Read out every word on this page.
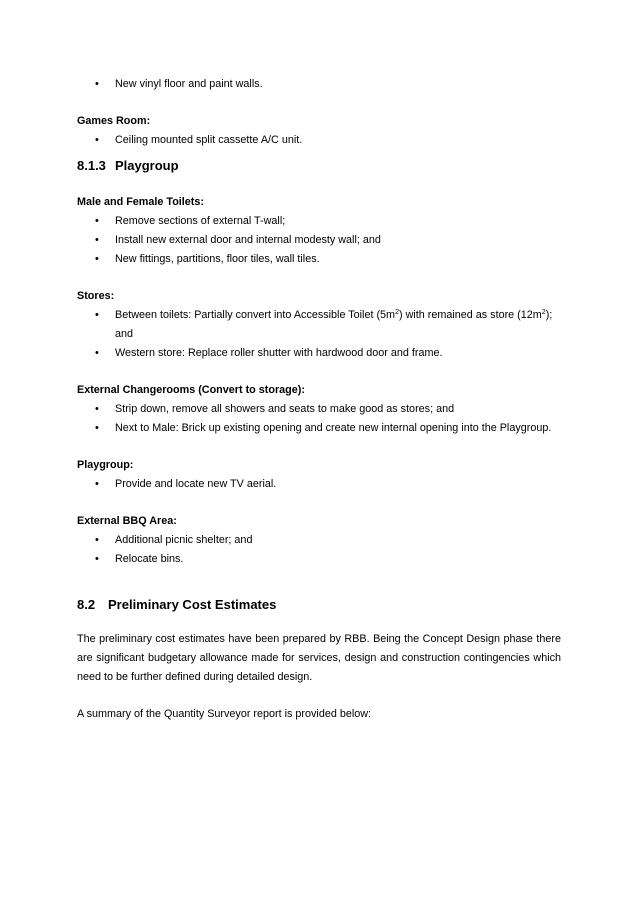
• New vinyl floor and paint walls.
Games Room:
• Ceiling mounted split cassette A/C unit.
8.1.3 Playgroup
Male and Female Toilets:
• Remove sections of external T-wall;
• Install new external door and internal modesty wall; and
• New fittings, partitions, floor tiles, wall tiles.
Stores:
• Between toilets: Partially convert into Accessible Toilet $(5m^2)$ with remained as store $(12m^2)$;
and
• Western store: Replace roller shutter with hardwood door and frame.
External Changerooms (Convert to storage):
• Strip down, remove all showers and seats to make good as stores; and
• Next to Male: Brick up existing opening and create new internal opening into the Playgroup.
Playgroup:
• Provide and locate new TV aerial.
External BBQ Area:
• Additional picnic shelter; and
• Relocate bins.
8.2 Preliminary Cost Estimates
The preliminary cost estimates have been prepared by RBB. Being the Concept Design phase there are significant budgetary allowance made for services, design and construction contingencies which need to be further defined during detailed design.
A summary of the Quantity Surveyor report is provided below:
